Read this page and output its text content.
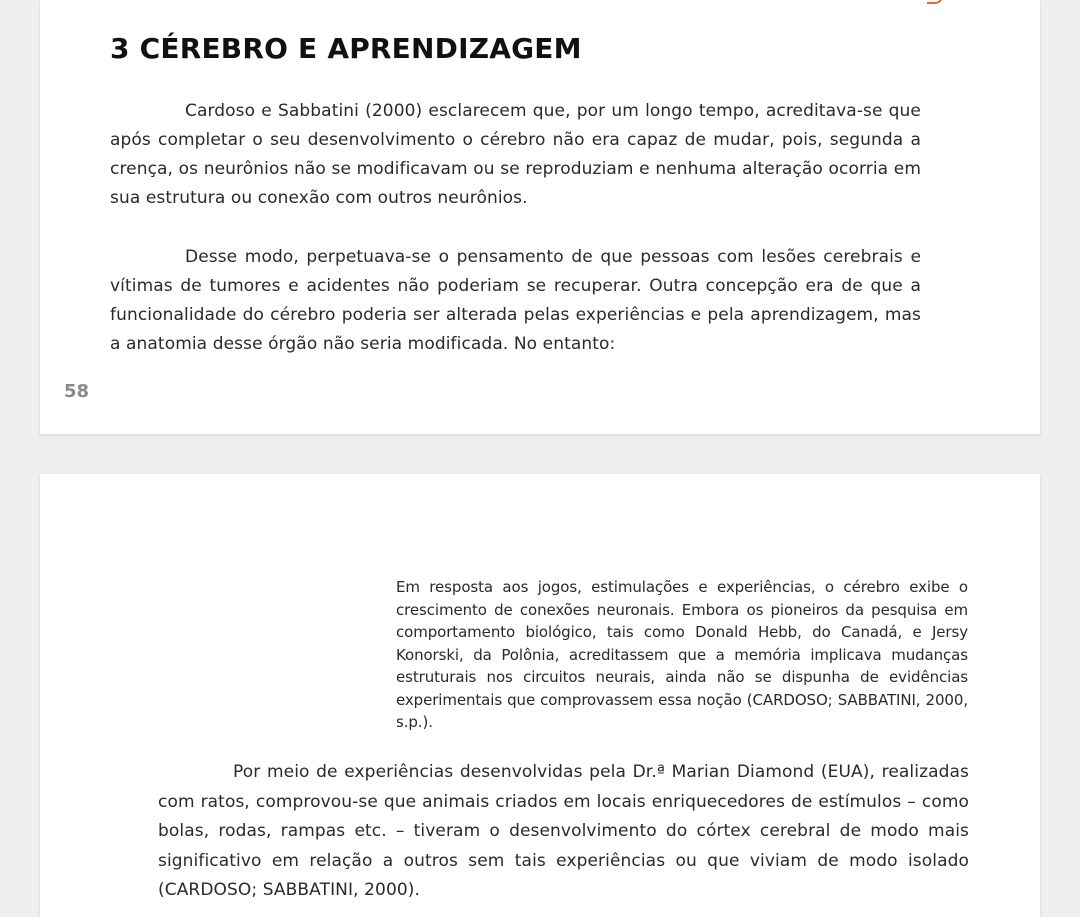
3 CÉREBRO E APRENDIZAGEM

Cardoso e Sabbatini (2000) esclarecem que, por um longo tempo, acreditava-se que após completar o seu desenvolvimento o cérebro não era capaz de mudar, pois, segunda a crença, os neurônios não se modificavam ou se reproduziam e nenhuma alteração ocorria em sua estrutura ou conexão com outros neurônios.

Desse modo, perpetuava-se o pensamento de que pessoas com lesões cerebrais e vítimas de tumores e acidentes não poderiam se recuperar. Outra concepção era de que a funcionalidade do cérebro poderia ser alterada pelas experiências e pela aprendizagem, mas a anatomia desse órgão não seria modificada. No entanto:

58

Em resposta aos jogos, estimulações e experiências, o cérebro exibe o crescimento de conexões neuronais. Embora os pioneiros da pesquisa em comportamento biológico, tais como Donald Hebb, do Canadá, e Jersy Konorski, da Polônia, acreditassem que a memória implicava mudanças estruturais nos circuitos neurais, ainda não se dispunha de evidências experimentais que comprovassem essa noção (CARDOSO; SABBATINI, 2000, s.p.).

Por meio de experiências desenvolvidas pela Dr.ª Marian Diamond (EUA), realizadas com ratos, comprovou-se que animais criados em locais enriquecedores de estímulos – como bolas, rodas, rampas etc. – tiveram o desenvolvimento do córtex cerebral de modo mais significativo em relação a outros sem tais experiências ou que viviam de modo isolado (CARDOSO; SABBATINI, 2000).
